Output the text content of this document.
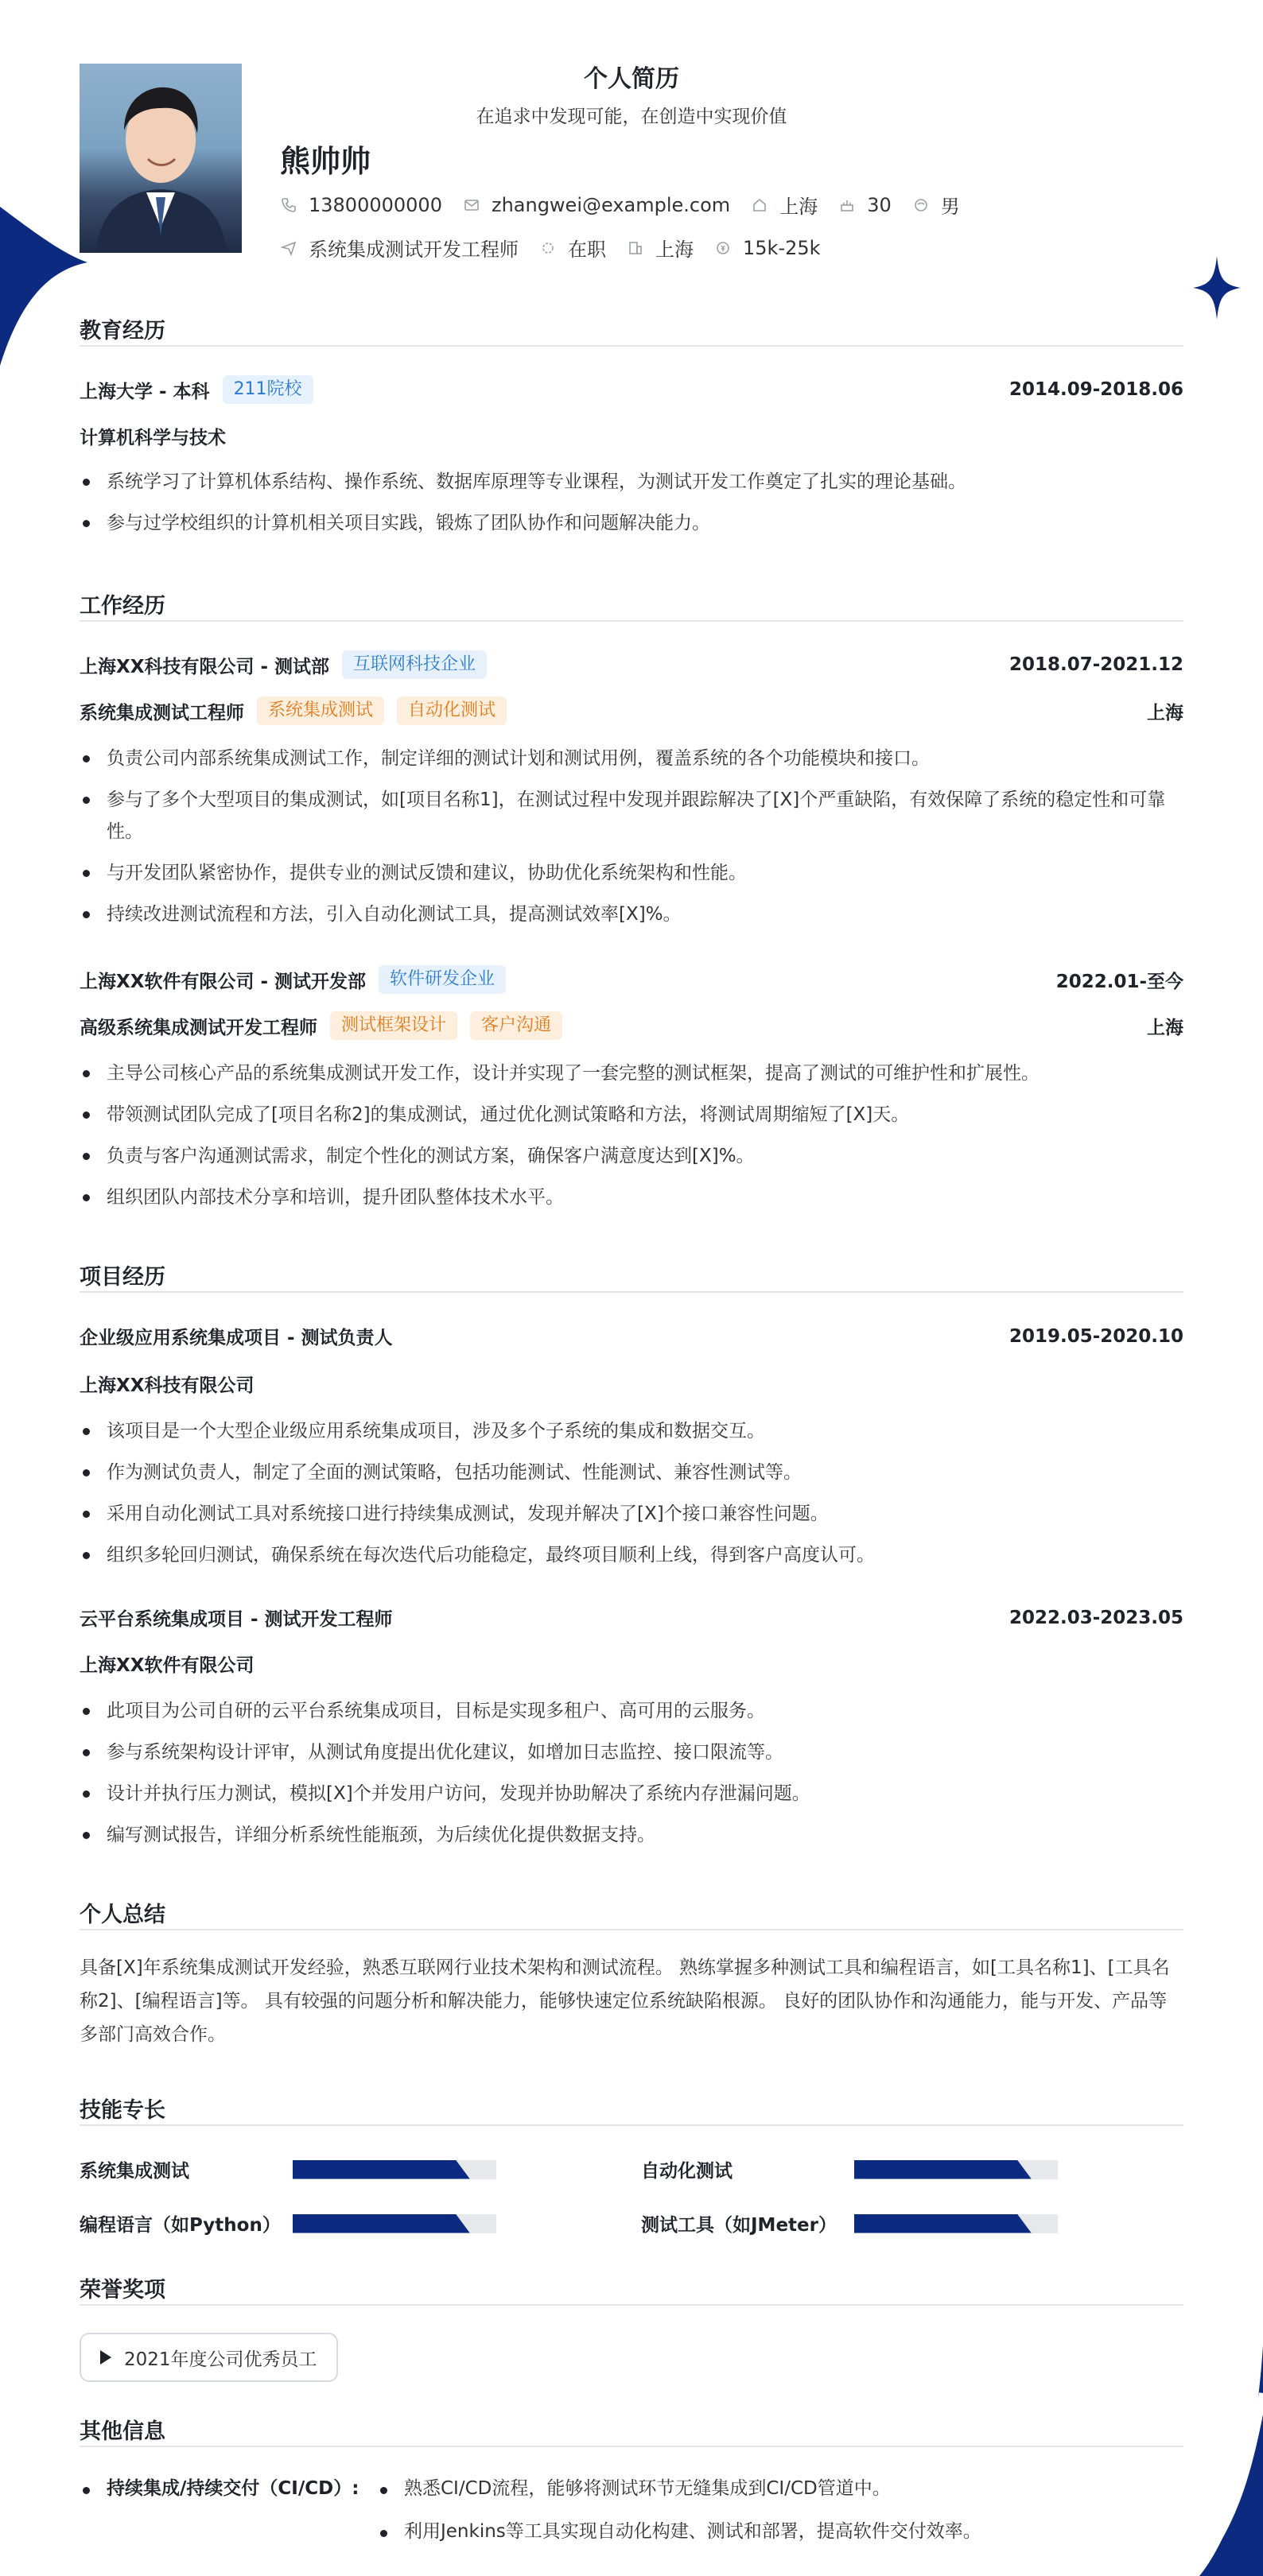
个人简历
在追求中发现可能，在创造中实现价值
熊帅帅
13800000000	zhangwei@example.com	上海	30	男
系统集成测试开发工程师	在职	上海	15k-25k
教育经历
上海大学 - 本科	211院校	2014.09-2018.06
计算机科学与技术
系统学习了计算机体系结构、操作系统、数据库原理等专业课程，为测试开发工作奠定了扎实的理论基础。
参与过学校组织的计算机相关项目实践，锻炼了团队协作和问题解决能力。
工作经历
上海XX科技有限公司 - 测试部	互联网科技企业	2018.07-2021.12
系统集成测试工程师	系统集成测试	自动化测试	上海
负责公司内部系统集成测试工作，制定详细的测试计划和测试用例，覆盖系统的各个功能模块和接口。
参与了多个大型项目的集成测试，如[项目名称1]，在测试过程中发现并跟踪解决了[X]个严重缺陷，有效保障了系统的稳定性和可靠性。
与开发团队紧密协作，提供专业的测试反馈和建议，协助优化系统架构和性能。
持续改进测试流程和方法，引入自动化测试工具，提高测试效率[X]%。
上海XX软件有限公司 - 测试开发部	软件研发企业	2022.01-至今
高级系统集成测试开发工程师	测试框架设计	客户沟通	上海
主导公司核心产品的系统集成测试开发工作，设计并实现了一套完整的测试框架，提高了测试的可维护性和扩展性。
带领测试团队完成了[项目名称2]的集成测试，通过优化测试策略和方法，将测试周期缩短了[X]天。
负责与客户沟通测试需求，制定个性化的测试方案，确保客户满意度达到[X]%。
组织团队内部技术分享和培训，提升团队整体技术水平。
项目经历
企业级应用系统集成项目 - 测试负责人	2019.05-2020.10
上海XX科技有限公司
该项目是一个大型企业级应用系统集成项目，涉及多个子系统的集成和数据交互。
作为测试负责人，制定了全面的测试策略，包括功能测试、性能测试、兼容性测试等。
采用自动化测试工具对系统接口进行持续集成测试，发现并解决了[X]个接口兼容性问题。
组织多轮回归测试，确保系统在每次迭代后功能稳定，最终项目顺利上线，得到客户高度认可。
云平台系统集成项目 - 测试开发工程师	2022.03-2023.05
上海XX软件有限公司
此项目为公司自研的云平台系统集成项目，目标是实现多租户、高可用的云服务。
参与系统架构设计评审，从测试角度提出优化建议，如增加日志监控、接口限流等。
设计并执行压力测试，模拟[X]个并发用户访问，发现并协助解决了系统内存泄漏问题。
编写测试报告，详细分析系统性能瓶颈，为后续优化提供数据支持。
个人总结
具备[X]年系统集成测试开发经验，熟悉互联网行业技术架构和测试流程。 熟练掌握多种测试工具和编程语言，如[工具名称1]、[工具名称2]、[编程语言]等。 具有较强的问题分析和解决能力，能够快速定位系统缺陷根源。 良好的团队协作和沟通能力，能与开发、产品等多部门高效合作。
技能专长
系统集成测试	自动化测试
编程语言（如Python）	测试工具（如JMeter）
荣誉奖项
2021年度公司优秀员工
其他信息
持续集成/持续交付（CI/CD）: 熟悉CI/CD流程，能够将测试环节无缝集成到CI/CD管道中。
利用Jenkins等工具实现自动化构建、测试和部署，提高软件交付效率。
